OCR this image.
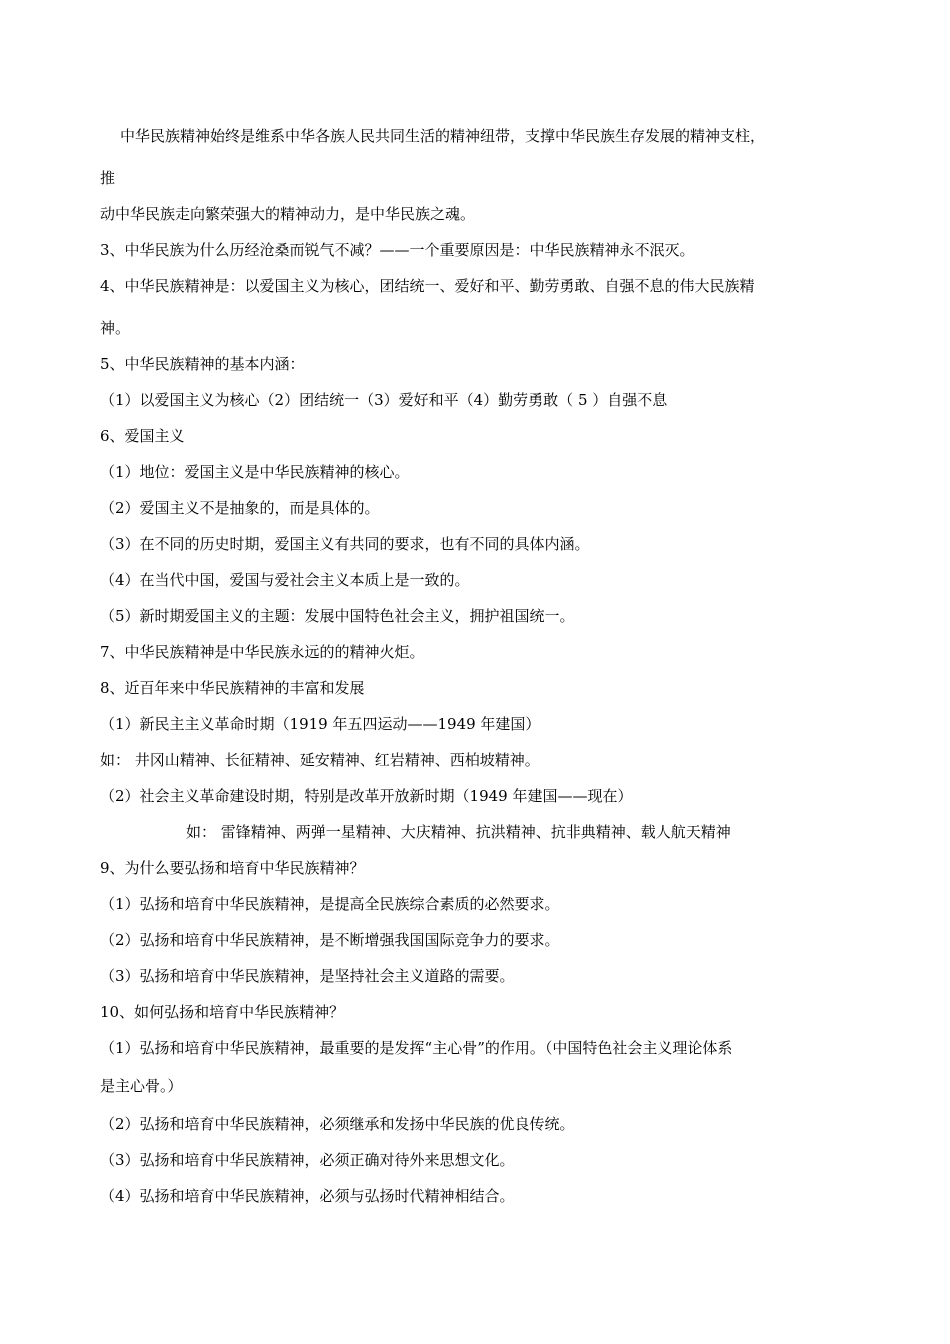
中华民族精神始终是维系中华各族人民共同生活的精神纽带，支撑中华民族生存发展的精神支柱，
推
动中华民族走向繁荣强大的精神动力，是中华民族之魂。
3、中华民族为什么历经沧桑而锐气不减？——一个重要原因是：中华民族精神永不泯灭。
4、中华民族精神是：以爱国主义为核心，团结统一、爱好和平、勤劳勇敢、自强不息的伟大民族精
神。
5、中华民族精神的基本内涵：
（1）以爱国主义为核心（2）团结统一（3）爱好和平（4）勤劳勇敢（ 5 ）自强不息
6、爱国主义
（1）地位：爱国主义是中华民族精神的核心。
（2）爱国主义不是抽象的，而是具体的。
（3）在不同的历史时期，爱国主义有共同的要求，也有不同的具体内涵。
（4）在当代中国，爱国与爱社会主义本质上是一致的。
（5）新时期爱国主义的主题：发展中国特色社会主义，拥护祖国统一。
7、中华民族精神是中华民族永远的的精神火炬。
8、近百年来中华民族精神的丰富和发展
（1）新民主主义革命时期（1919 年五四运动——1949 年建国）
如： 井冈山精神、长征精神、延安精神、红岩精神、西柏坡精神。
（2）社会主义革命建设时期，特别是改革开放新时期（1949 年建国——现在）
如： 雷锋精神、两弹一星精神、大庆精神、抗洪精神、抗非典精神、载人航天精神
9、为什么要弘扬和培育中华民族精神？
（1）弘扬和培育中华民族精神，是提高全民族综合素质的必然要求。
（2）弘扬和培育中华民族精神，是不断增强我国国际竞争力的要求。
（3）弘扬和培育中华民族精神，是坚持社会主义道路的需要。
10、如何弘扬和培育中华民族精神？
（1）弘扬和培育中华民族精神，最重要的是发挥“主心骨”的作用。（中国特色社会主义理论体系
是主心骨。）
（2）弘扬和培育中华民族精神，必须继承和发扬中华民族的优良传统。
（3）弘扬和培育中华民族精神，必须正确对待外来思想文化。
（4）弘扬和培育中华民族精神，必须与弘扬时代精神相结合。
